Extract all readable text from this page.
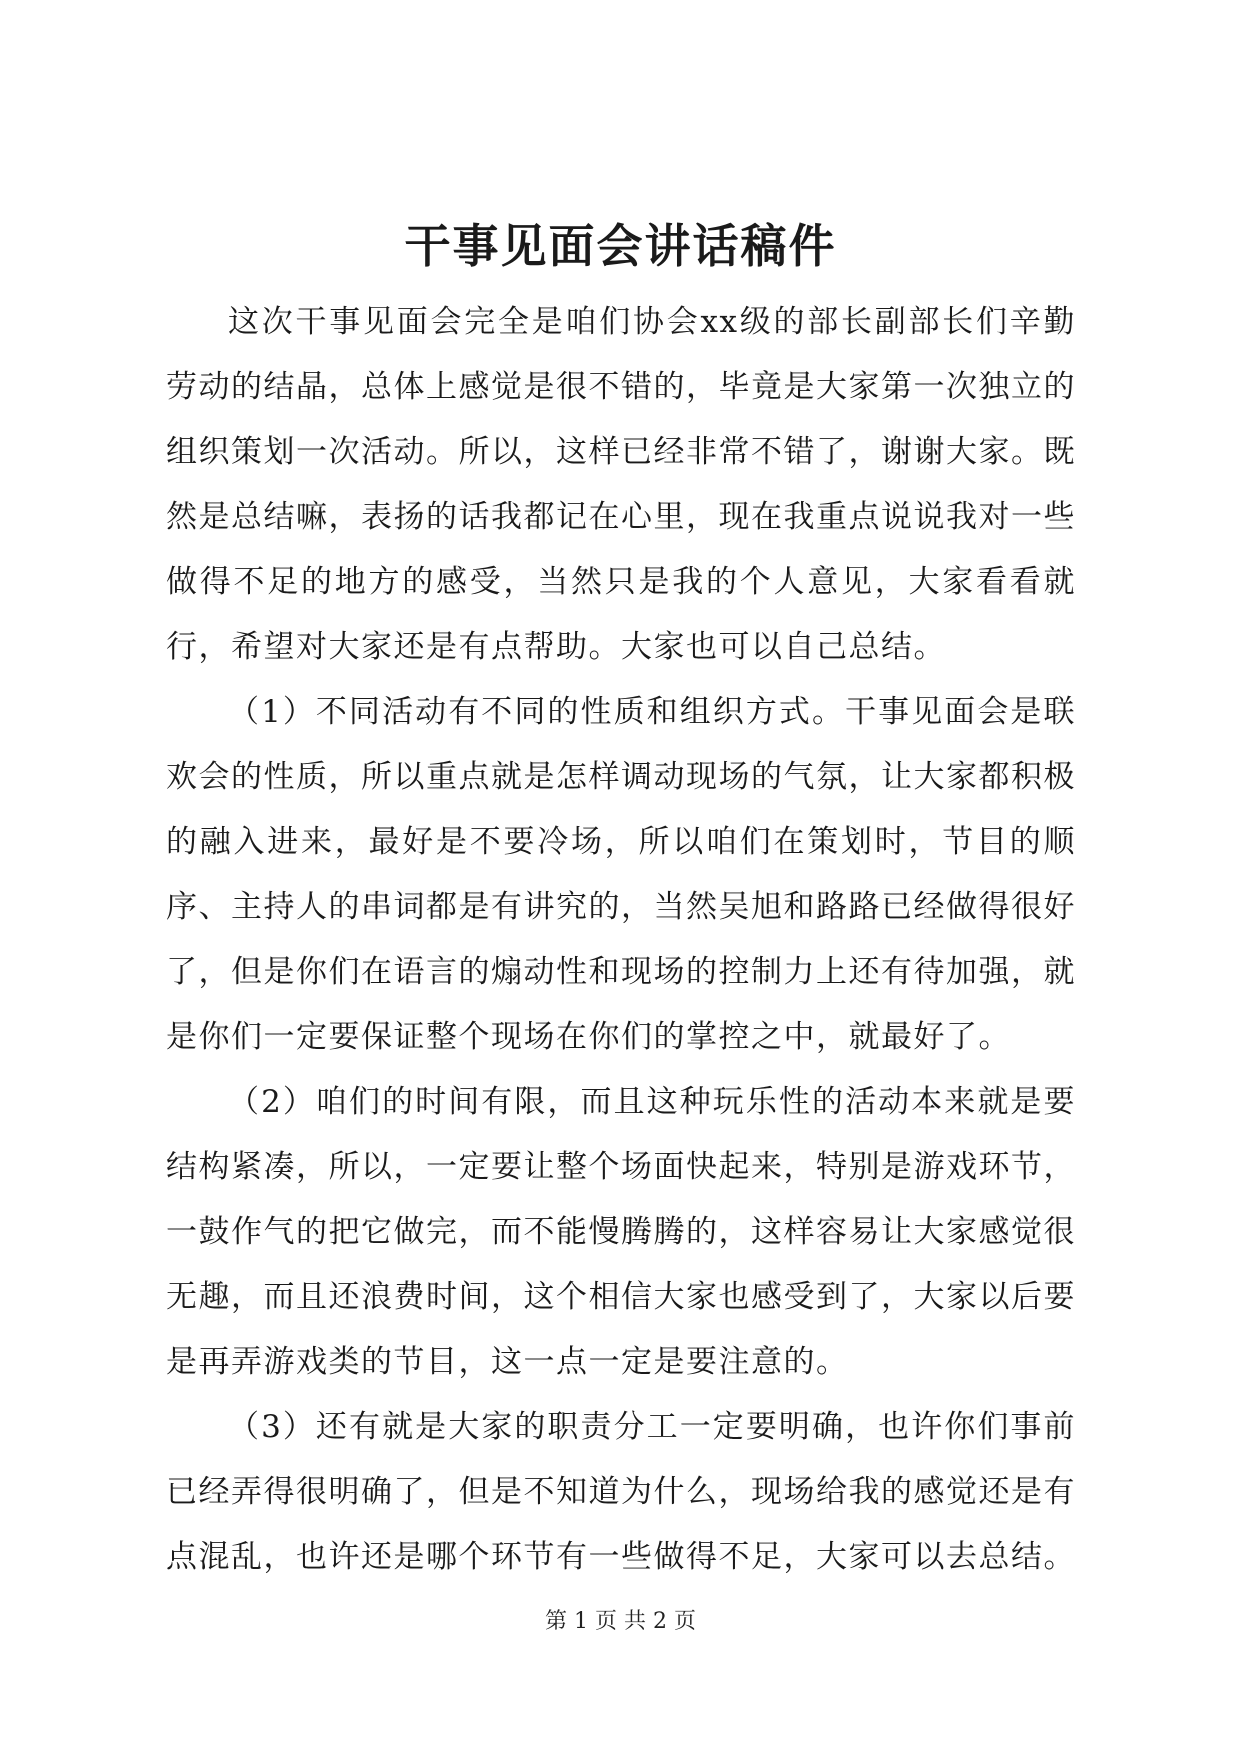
干事见面会讲话稿件

这次干事见面会完全是咱们协会xx级的部长副部长们辛勤劳动的结晶，总体上感觉是很不错的，毕竟是大家第一次独立的组织策划一次活动。所以，这样已经非常不错了，谢谢大家。既然是总结嘛，表扬的话我都记在心里，现在我重点说说我对一些做得不足的地方的感受，当然只是我的个人意见，大家看看就行，希望对大家还是有点帮助。大家也可以自己总结。

（1）不同活动有不同的性质和组织方式。干事见面会是联欢会的性质，所以重点就是怎样调动现场的气氛，让大家都积极的融入进来，最好是不要冷场，所以咱们在策划时，节目的顺序、主持人的串词都是有讲究的，当然吴旭和路路已经做得很好了，但是你们在语言的煽动性和现场的控制力上还有待加强，就是你们一定要保证整个现场在你们的掌控之中，就最好了。

（2）咱们的时间有限，而且这种玩乐性的活动本来就是要结构紧凑，所以，一定要让整个场面快起来，特别是游戏环节，一鼓作气的把它做完，而不能慢腾腾的，这样容易让大家感觉很无趣，而且还浪费时间，这个相信大家也感受到了，大家以后要是再弄游戏类的节目，这一点一定是要注意的。

（3）还有就是大家的职责分工一定要明确，也许你们事前已经弄得很明确了，但是不知道为什么，现场给我的感觉还是有点混乱，也许还是哪个环节有一些做得不足，大家可以去总结。

第 1 页 共 2 页
